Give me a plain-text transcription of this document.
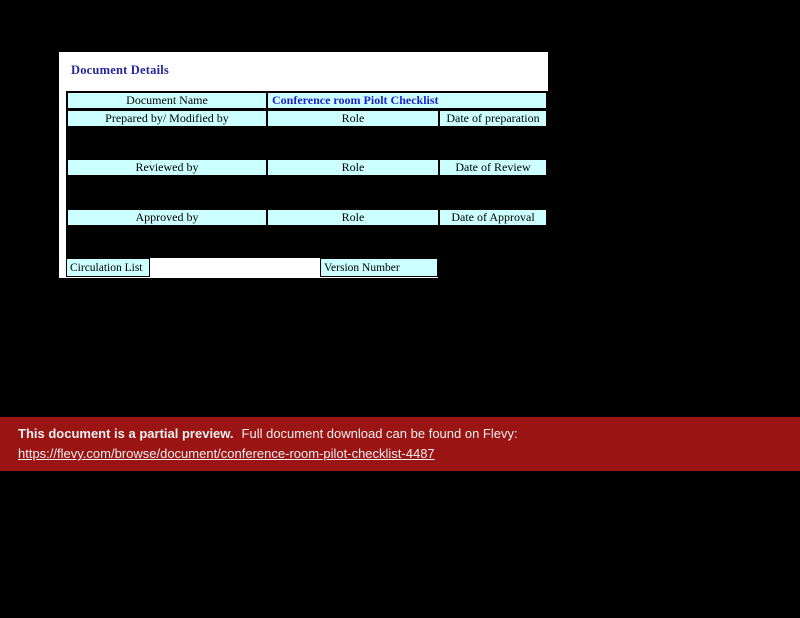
Document Details
Document Name	Conference room Piolt Checklist
Prepared by/ Modified by	Role	Date of preparation
Reviewed by	Role	Date of Review
Approved by	Role	Date of Approval
Circulation List	Version Number
This document is a partial preview. Full document download can be found on Flevy:
https://flevy.com/browse/document/conference-room-pilot-checklist-4487
